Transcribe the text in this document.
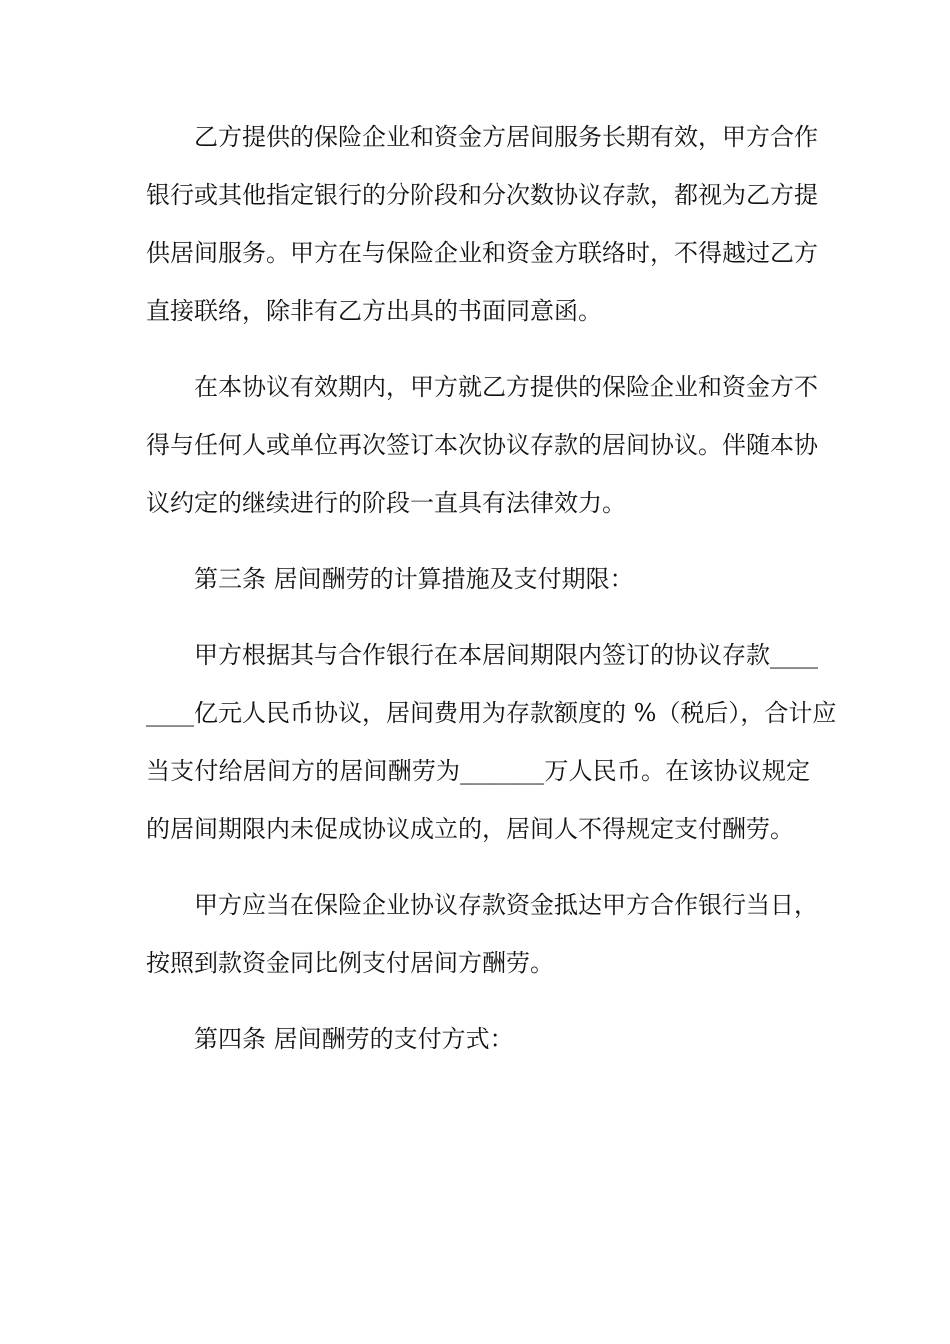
乙方提供的保险企业和资金方居间服务长期有效，甲方合作

银行或其他指定银行的分阶段和分次数协议存款，都视为乙方提

供居间服务。甲方在与保险企业和资金方联络时，不得越过乙方

直接联络，除非有乙方出具的书面同意函。

在本协议有效期内，甲方就乙方提供的保险企业和资金方不

得与任何人或单位再次签订本次协议存款的居间协议。伴随本协

议约定的继续进行的阶段一直具有法律效力。

第三条 居间酬劳的计算措施及支付期限：

甲方根据其与合作银行在本居间期限内签订的协议存款____

____亿元人民币协议，居间费用为存款额度的 %（税后），合计应

当支付给居间方的居间酬劳为_______万人民币。在该协议规定

的居间期限内未促成协议成立的，居间人不得规定支付酬劳。

甲方应当在保险企业协议存款资金抵达甲方合作银行当日，

按照到款资金同比例支付居间方酬劳。

第四条 居间酬劳的支付方式：
